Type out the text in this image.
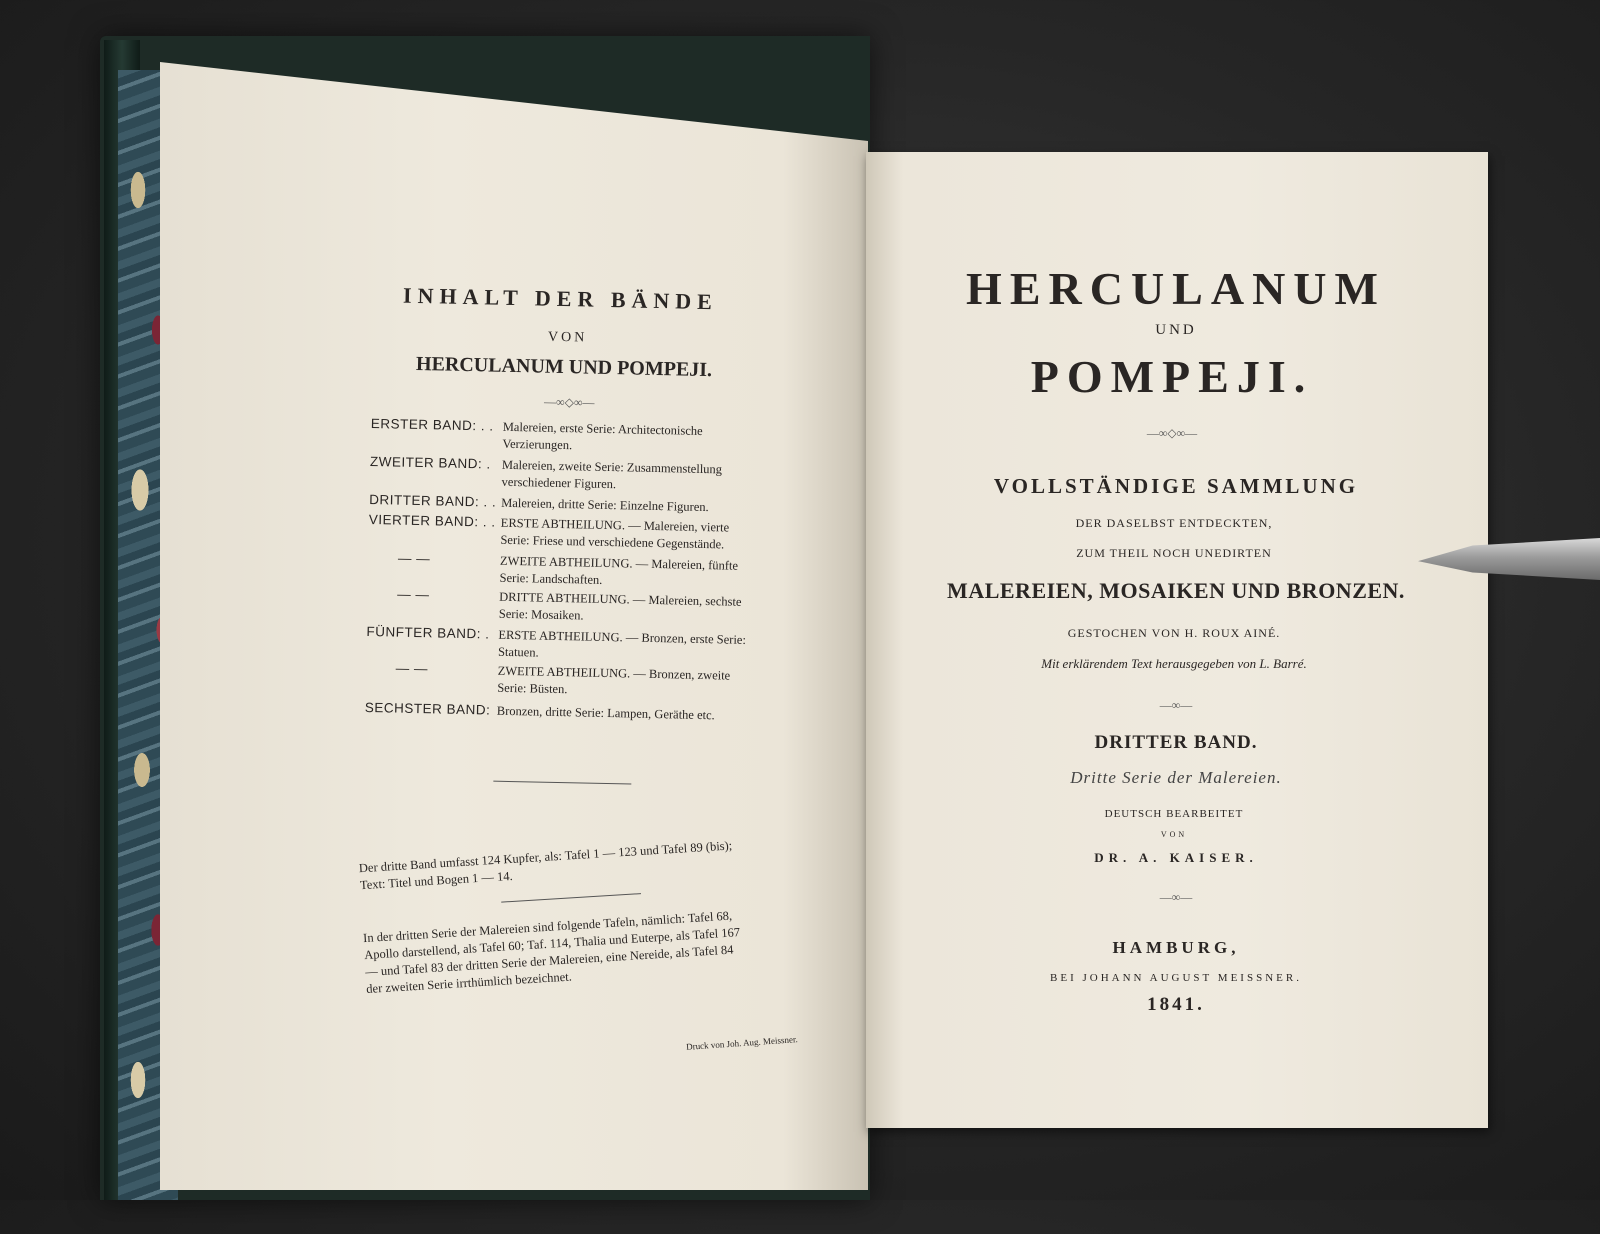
INHALT DER BÄNDE
VON
HERCULANUM UND POMPEJI.
—∞◇∞—
ERSTER BAND: . . Malereien, erste Serie: Architectonische Verzierungen.
ZWEITER BAND: . Malereien, zweite Serie: Zusammenstellung verschiedener Figuren.
DRITTER BAND: . . Malereien, dritte Serie: Einzelne Figuren.
VIERTER BAND: . . ERSTE ABTHEILUNG. — Malereien, vierte Serie: Friese und verschiedene Gegenstände.
— —	ZWEITE ABTHEILUNG. — Malereien, fünfte Serie: Landschaften.
— —	DRITTE ABTHEILUNG. — Malereien, sechste Serie: Mosaiken.
FÜNFTER BAND: . ERSTE ABTHEILUNG. — Bronzen, erste Serie: Statuen.
— —	ZWEITE ABTHEILUNG. — Bronzen, zweite Serie: Büsten.
SECHSTER BAND: Bronzen, dritte Serie: Lampen, Geräthe etc.
Der dritte Band umfasst 124 Kupfer, als: Tafel 1 — 123 und Tafel 89 (bis); Text: Titel und Bogen 1 — 14.
In der dritten Serie der Malereien sind folgende Tafeln, nämlich: Tafel 68, Apollo darstellend, als Tafel 60; Taf. 114, Thalia und Euterpe, als Tafel 167 — und Tafel 83 der dritten Serie der Malereien, eine Nereide, als Tafel 84 der zweiten Serie irrthümlich bezeichnet.
Druck von Joh. Aug. Meissner.
HERCULANUM
UND
POMPEJI.
—∞◇∞—
VOLLSTÄNDIGE SAMMLUNG
DER DASELBST ENTDECKTEN,
ZUM THEIL NOCH UNEDIRTEN
MALEREIEN, MOSAIKEN UND BRONZEN.
GESTOCHEN VON H. ROUX AINÉ.
Mit erklärendem Text herausgegeben von L. Barré.
—∞—
DRITTER BAND.
Dritte Serie der Malereien.
DEUTSCH BEARBEITET
VON
DR. A. KAISER.
—∞—
HAMBURG,
BEI JOHANN AUGUST MEISSNER.
1841.
